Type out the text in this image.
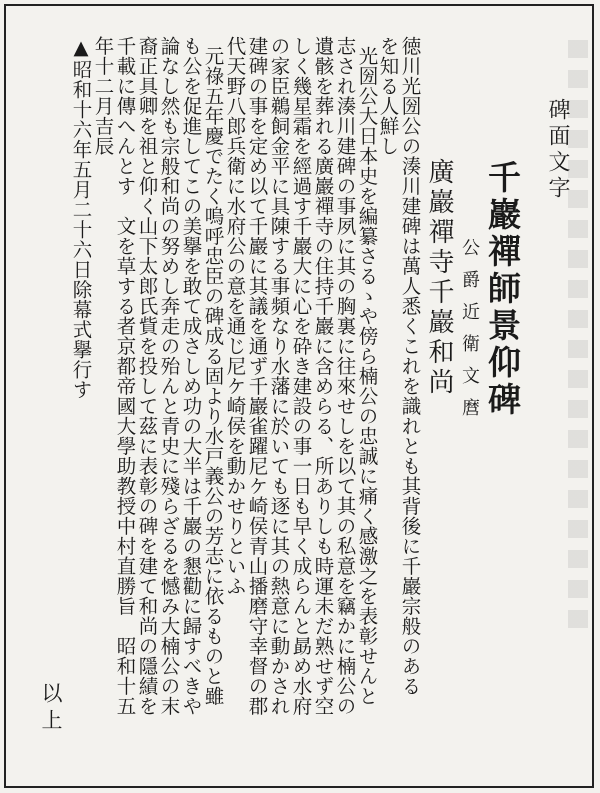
碑面文字
千巖禪師景仰碑
公爵近衛文麿
廣巖禪寺千巖和尚
徳川光圀公の湊川建碑は萬人悉くこれを識れとも其背後に千巖宗般のある
を知る人鮮し
光圀公大日本史を編纂さるゝや傍ら楠公の忠誠に痛く感激之を表彰せんと
志され湊川建碑の事夙に其の胸裏に往來せしを以て其の私意を竊かに楠公の
遺骸を葬れる廣巖禪寺の住持千巖に含めらる、所ありしも時運未だ熟せず空
しく幾星霜を經過す千巖大に心を砕き建設の事一日も早く成らんと勗め水府
の家臣鵜飼金平に具陳する事頻なり水藩に於いても逐に其の熱意に動かされ
建碑の事を定め以て千巖に其議を通ず千巖雀躍尼ケ崎侯青山播磨守幸督の郡
代天野八郎兵衛に水府公の意を通じ尼ケ崎侯を動かせりといふ
元祿五年慶でたく嗚呼忠臣の碑成る固より水戸義公の芳志に依るものと雖
も公を促進してこの美擧を敢て成さしめ功の大半は千巖の懇勸に歸すべきや
論なし然も宗般和尚の努めし奔走の殆んと青史に殘らざるを憾み大楠公の末
裔正具卿を祖と仰く山下太郎氏貲を投して茲に表彰の碑を建て和尚の隱績を
千載に傳へんとす　文を草する者京都帝國大學助教授中村直勝旨　昭和十五
年十二月吉辰
▲昭和十六年五月二十六日除幕式擧行す
以上
